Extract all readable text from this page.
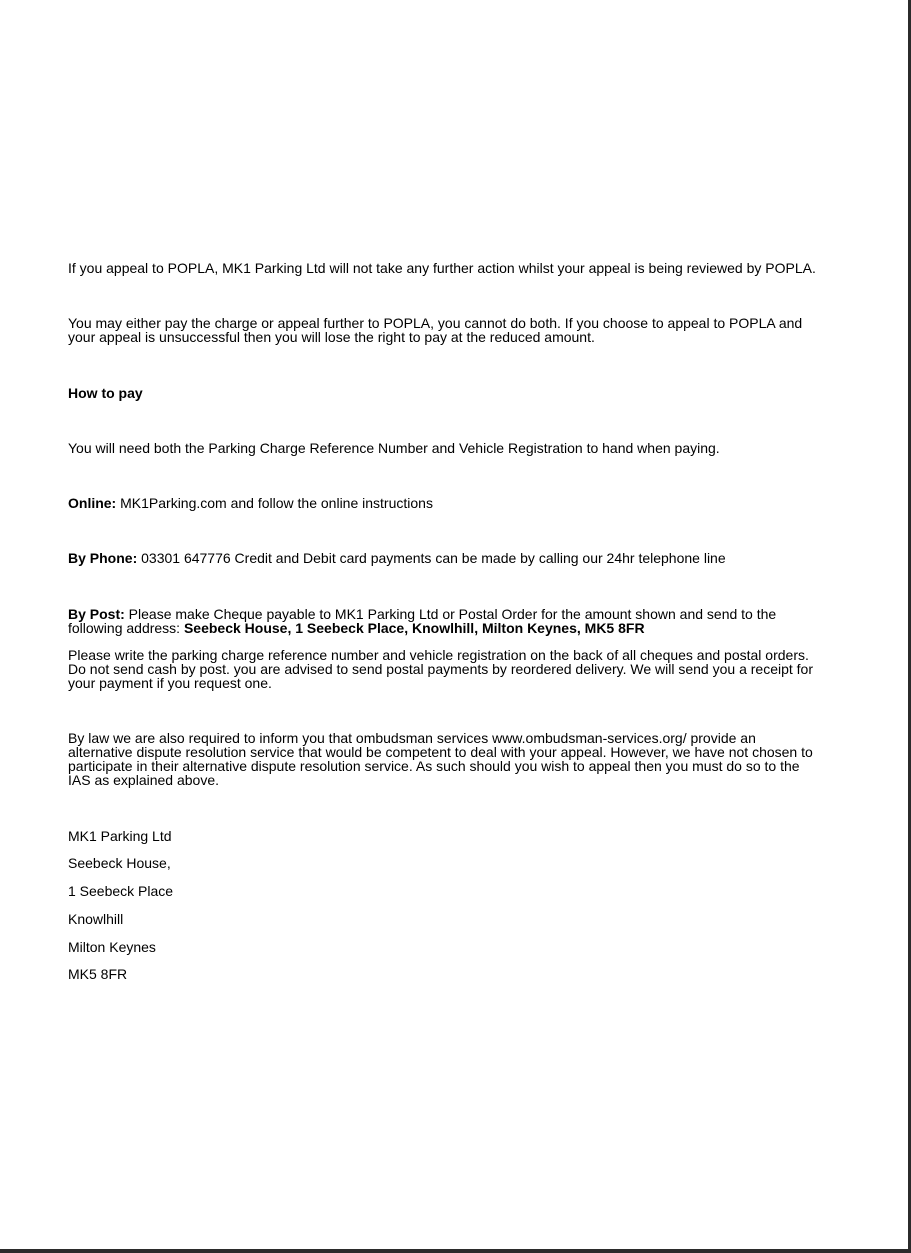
If you appeal to POPLA, MK1 Parking Ltd will not take any further action whilst your appeal is being reviewed by POPLA.
You may either pay the charge or appeal further to POPLA, you cannot do both. If you choose to appeal to POPLA and your appeal is unsuccessful then you will lose the right to pay at the reduced amount.
How to pay
You will need both the Parking Charge Reference Number and Vehicle Registration to hand when paying.
Online: MK1Parking.com and follow the online instructions
By Phone: 03301 647776 Credit and Debit card payments can be made by calling our 24hr telephone line
By Post: Please make Cheque payable to MK1 Parking Ltd or Postal Order for the amount shown and send to the following address: Seebeck House, 1 Seebeck Place, Knowlhill, Milton Keynes, MK5 8FR
Please write the parking charge reference number and vehicle registration on the back of all cheques and postal orders. Do not send cash by post. you are advised to send postal payments by reordered delivery. We will send you a receipt for your payment if you request one.
By law we are also required to inform you that ombudsman services www.ombudsman-services.org/ provide an alternative dispute resolution service that would be competent to deal with your appeal. However, we have not chosen to participate in their alternative dispute resolution service. As such should you wish to appeal then you must do so to the IAS as explained above.
MK1 Parking Ltd
Seebeck House,
1 Seebeck Place
Knowlhill
Milton Keynes
MK5 8FR
